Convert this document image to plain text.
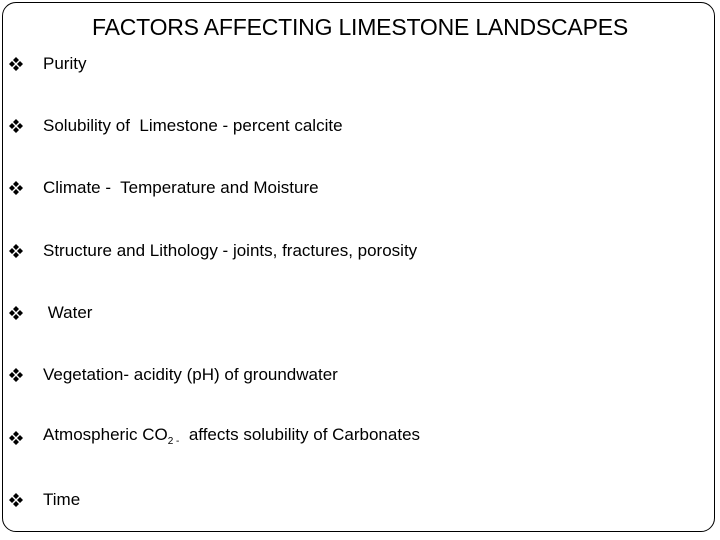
FACTORS AFFECTING LIMESTONE LANDSCAPES
Purity
Solubility of  Limestone - percent calcite
Climate -  Temperature and Moisture
Structure and Lithology - joints, fractures, porosity
Water
Vegetation- acidity (pH) of groundwater
Atmospheric $CO_{2 -}$  affects solubility of Carbonates
Time
